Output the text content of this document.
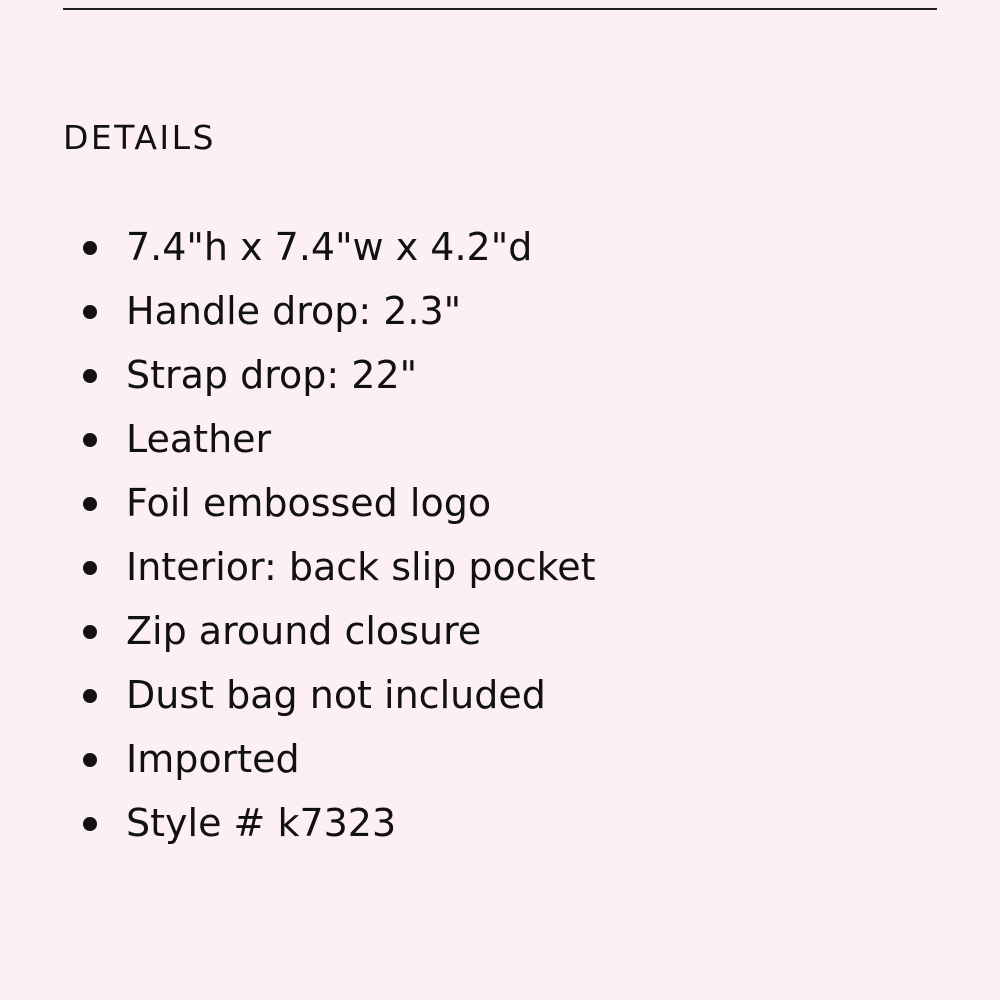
DETAILS
7.4"h x 7.4"w x 4.2"d
Handle drop: 2.3"
Strap drop: 22"
Leather
Foil embossed logo
Interior: back slip pocket
Zip around closure
Dust bag not included
Imported
Style # k7323
